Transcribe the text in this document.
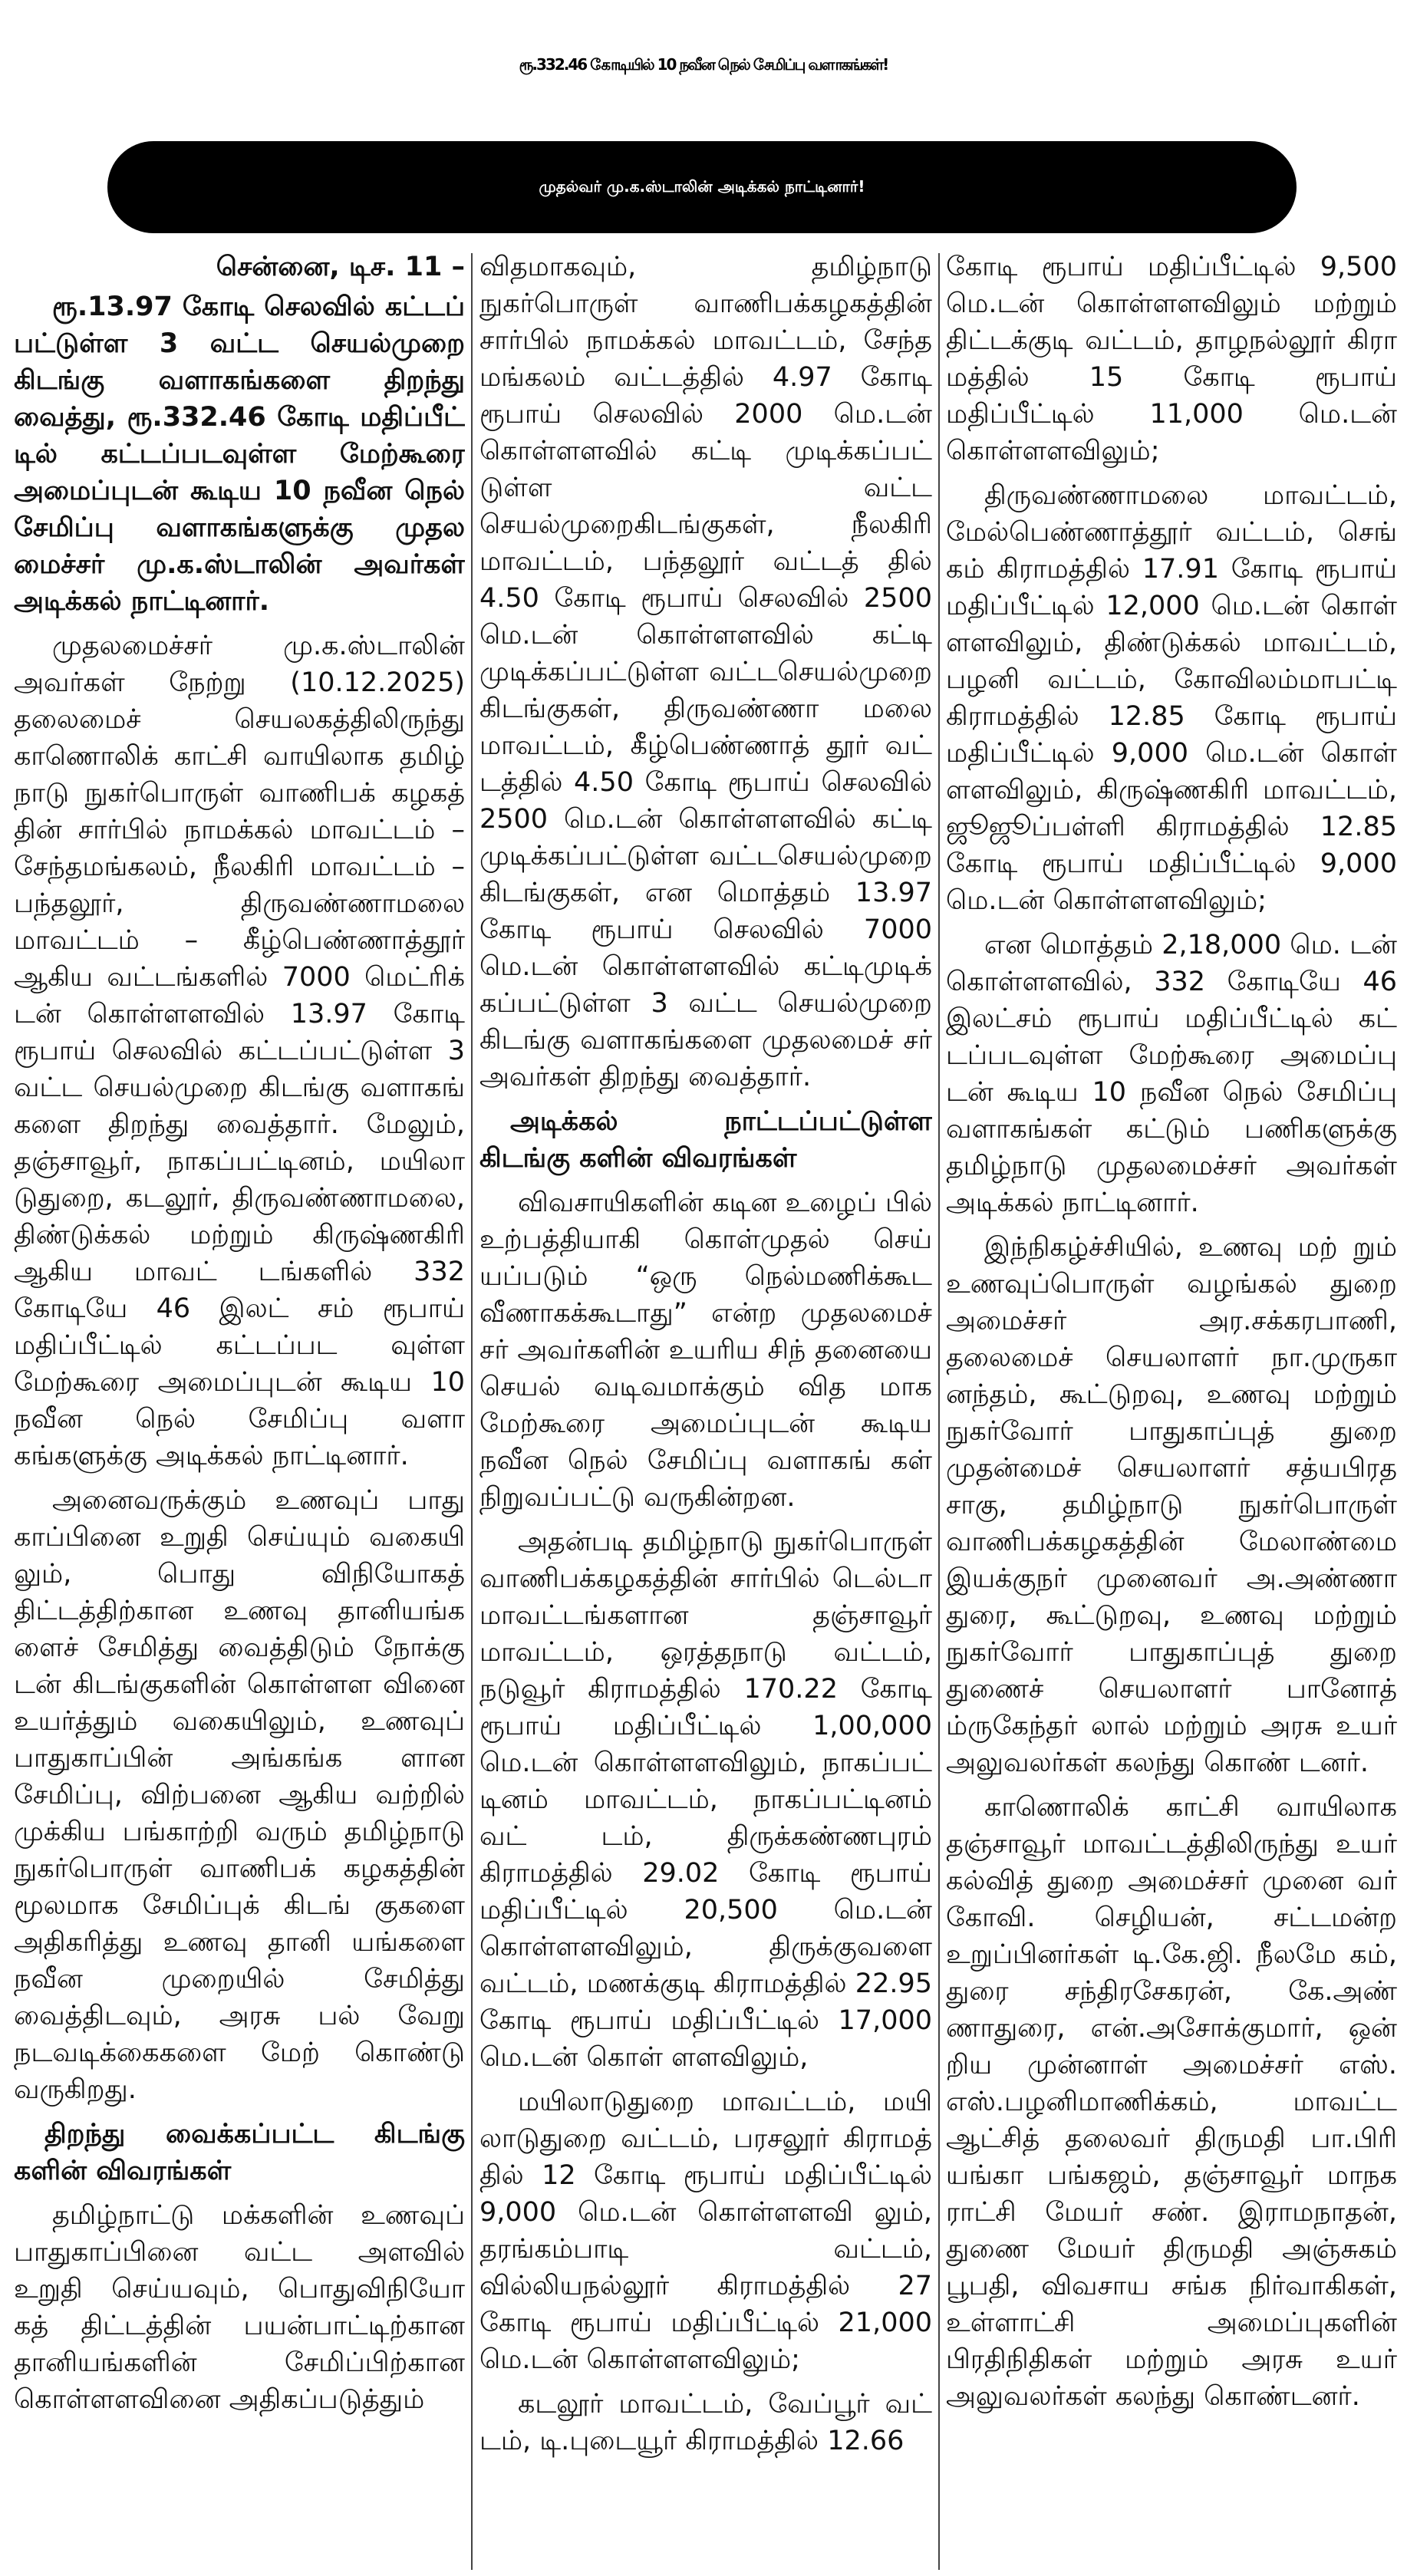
ரூ.332.46 கோடியில் 10 நவீன நெல் சேமிப்பு வளாகங்கள்!
முதல்வர் மு.க.ஸ்டாலின் அடிக்கல் நாட்டினார்!

சென்னை, டிச. 11 –

ரூ.13.97 கோடி செலவில் கட்டப் பட்டுள்ள 3 வட்ட செயல்முறை கிடங்கு வளாகங்களை திறந்து வைத்து, ரூ.332.46 கோடி மதிப்பீட் டில் கட்டப்படவுள்ள மேற்கூரை அமைப்புடன் கூடிய 10 நவீன நெல் சேமிப்பு வளாகங்களுக்கு முதல மைச்சர் மு.க.ஸ்டாலின் அவர்கள் அடிக்கல் நாட்டினார்.

முதலமைச்சர் மு.க.ஸ்டாலின் அவர்கள் நேற்று (10.12.2025) தலைமைச் செயலகத்திலிருந்து காணொலிக் காட்சி வாயிலாக தமிழ் நாடு நுகர்பொருள் வாணிபக் கழகத் தின் சார்பில் நாமக்கல் மாவட்டம் – சேந்தமங்கலம், நீலகிரி மாவட்டம் – பந்தலூர், திருவண்ணாமலை மாவட்டம் – கீழ்பெண்ணாத்தூர் ஆகிய வட்டங்களில் 7000 மெட்ரிக் டன் கொள்ளளவில் 13.97 கோடி ரூபாய் செலவில் கட்டப்பட்டுள்ள 3 வட்ட செயல்முறை கிடங்கு வளாகங் களை திறந்து வைத்தார். மேலும், தஞ்சாவூர், நாகப்பட்டினம், மயிலா டுதுறை, கடலூர், திருவண்ணாமலை, திண்டுக்கல் மற்றும் கிருஷ்ணகிரி ஆகிய மாவட் டங்களில் 332 கோடியே 46 இலட் சம் ரூபாய் மதிப்பீட்டில் கட்டப்பட வுள்ள மேற்கூரை அமைப்புடன் கூடிய 10 நவீன நெல் சேமிப்பு வளா கங்களுக்கு அடிக்கல் நாட்டினார்.

அனைவருக்கும் உணவுப் பாது காப்பினை உறுதி செய்யும் வகையி லும், பொது விநியோகத் திட்டத்திற்கான உணவு தானியங்க ளைச் சேமித்து வைத்திடும் நோக்கு டன் கிடங்குகளின் கொள்ளள வினை உயர்த்தும் வகையிலும், உணவுப் பாதுகாப்பின் அங்கங்க ளான சேமிப்பு, விற்பனை ஆகிய வற்றில் முக்கிய பங்காற்றி வரும் தமிழ்நாடு நுகர்பொருள் வாணிபக் கழகத்தின் மூலமாக சேமிப்புக் கிடங் குகளை அதிகரித்து உணவு தானி யங்களை நவீன முறையில் சேமித்து வைத்திடவும், அரசு பல் வேறு நடவடிக்கைகளை மேற் கொண்டு வருகிறது.

திறந்து வைக்கப்பட்ட கிடங்கு களின் விவரங்கள்

தமிழ்நாட்டு மக்களின் உணவுப் பாதுகாப்பினை வட்ட அளவில் உறுதி செய்யவும், பொதுவிநியோ கத் திட்டத்தின் பயன்பாட்டிற்கான தானியங்களின் சேமிப்பிற்கான கொள்ளளவினை அதிகப்படுத்தும்

விதமாகவும், தமிழ்நாடு நுகர்பொருள் வாணிபக்கழகத்தின் சார்பில் நாமக்கல் மாவட்டம், சேந்த மங்கலம் வட்டத்தில் 4.97 கோடி ரூபாய் செலவில் 2000 மெ.டன் கொள்ளளவில் கட்டி முடிக்கப்பட் டுள்ள வட்ட செயல்முறைகிடங்குகள், நீலகிரி மாவட்டம், பந்தலூர் வட்டத் தில் 4.50 கோடி ரூபாய் செலவில் 2500 மெ.டன் கொள்ளளவில் கட்டி முடிக்கப்பட்டுள்ள வட்டசெயல்முறை கிடங்குகள், திருவண்ணா மலை மாவட்டம், கீழ்பெண்ணாத் தூர் வட் டத்தில் 4.50 கோடி ரூபாய் செலவில் 2500 மெ.டன் கொள்ளளவில் கட்டி முடிக்கப்பட்டுள்ள வட்டசெயல்முறை கிடங்குகள், என மொத்தம் 13.97 கோடி ரூபாய் செலவில் 7000 மெ.டன் கொள்ளளவில் கட்டிமுடிக் கப்பட்டுள்ள 3 வட்ட செயல்முறை கிடங்கு வளாகங்களை முதலமைச் சர் அவர்கள் திறந்து வைத்தார்.

அடிக்கல் நாட்டப்பட்டுள்ள கிடங்கு களின் விவரங்கள்

விவசாயிகளின் கடின உழைப் பில் உற்பத்தியாகி கொள்முதல் செய் யப்படும் “ஒரு நெல்மணிக்கூட வீணாகக்கூடாது” என்ற முதலமைச் சர் அவர்களின் உயரிய சிந் தனையை செயல் வடிவமாக்கும் வித மாக மேற்கூரை அமைப்புடன் கூடிய நவீன நெல் சேமிப்பு வளாகங் கள் நிறுவப்பட்டு வருகின்றன.

அதன்படி தமிழ்நாடு நுகர்பொருள் வாணிபக்கழகத்தின் சார்பில் டெல்டா மாவட்டங்களான தஞ்சாவூர் மாவட்டம், ஒரத்தநாடு வட்டம், நடுவூர் கிராமத்தில் 170.22 கோடி ரூபாய் மதிப்பீட்டில் 1,00,000 மெ.டன் கொள்ளளவிலும், நாகப்பட் டினம் மாவட்டம், நாகப்பட்டினம் வட் டம், திருக்கண்ணபுரம் கிராமத்தில் 29.02 கோடி ரூபாய் மதிப்பீட்டில் 20,500 மெ.டன் கொள்ளளவிலும், திருக்குவளை வட்டம், மணக்குடி கிராமத்தில் 22.95 கோடி ரூபாய் மதிப்பீட்டில் 17,000 மெ.டன் கொள் ளளவிலும்,

மயிலாடுதுறை மாவட்டம், மயி லாடுதுறை வட்டம், பரசலூர் கிராமத் தில் 12 கோடி ரூபாய் மதிப்பீட்டில் 9,000 மெ.டன் கொள்ளளவி லும், தரங்கம்பாடி வட்டம், வில்லியநல்லூர் கிராமத்தில் 27 கோடி ரூபாய் மதிப்பீட்டில் 21,000 மெ.டன் கொள்ளளவிலும்;

கடலூர் மாவட்டம், வேப்பூர் வட் டம், டி.புடையூர் கிராமத்தில் 12.66

கோடி ரூபாய் மதிப்பீட்டில் 9,500 மெ.டன் கொள்ளளவிலும் மற்றும் திட்டக்குடி வட்டம், தாழநல்லூர் கிரா மத்தில் 15 கோடி ரூபாய் மதிப்பீட்டில் 11,000 மெ.டன் கொள்ளளவிலும்;

திருவண்ணாமலை மாவட்டம், மேல்பெண்ணாத்தூர் வட்டம், செங் கம் கிராமத்தில் 17.91 கோடி ரூபாய் மதிப்பீட்டில் 12,000 மெ.டன் கொள் ளளவிலும், திண்டுக்கல் மாவட்டம், பழனி வட்டம், கோவிலம்மாபட்டி கிராமத்தில் 12.85 கோடி ரூபாய் மதிப்பீட்டில் 9,000 மெ.டன் கொள் ளளவிலும், கிருஷ்ணகிரி மாவட்டம், ஜூஜூப்பள்ளி கிராமத்தில் 12.85 கோடி ரூபாய் மதிப்பீட்டில் 9,000 மெ.டன் கொள்ளளவிலும்;

என மொத்தம் 2,18,000 மெ. டன் கொள்ளளவில், 332 கோடியே 46 இலட்சம் ரூபாய் மதிப்பீட்டில் கட் டப்படவுள்ள மேற்கூரை அமைப்பு டன் கூடிய 10 நவீன நெல் சேமிப்பு வளாகங்கள் கட்டும் பணிகளுக்கு தமிழ்நாடு முதலமைச்சர் அவர்கள் அடிக்கல் நாட்டினார்.

இந்நிகழ்ச்சியில், உணவு மற் றும் உணவுப்பொருள் வழங்கல் துறை அமைச்சர் அர.சக்கரபாணி, தலைமைச் செயலாளர் நா.முருகா னந்தம், கூட்டுறவு, உணவு மற்றும் நுகர்வோர் பாதுகாப்புத் துறை முதன்மைச் செயலாளர் சத்யபிரத சாகு, தமிழ்நாடு நுகர்பொருள் வாணிபக்கழகத்தின் மேலாண்மை இயக்குநர் முனைவர் அ.அண்ணா துரை, கூட்டுறவு, உணவு மற்றும் நுகர்வோர் பாதுகாப்புத் துறை துணைச் செயலாளர் பானோத் ம்ருகேந்தர் லால் மற்றும் அரசு உயர் அலுவலர்கள் கலந்து கொண் டனர்.

காணொலிக் காட்சி வாயிலாக தஞ்சாவூர் மாவட்டத்திலிருந்து உயர் கல்வித் துறை அமைச்சர் முனை வர் கோவி. செழியன், சட்டமன்ற உறுப்பினர்கள் டி.கே.ஜி. நீலமே கம், துரை சந்திரசேகரன், கே.அண் ணாதுரை, என்.அசோக்குமார், ஒன் றிய முன்னாள் அமைச்சர் எஸ். எஸ்.பழனிமாணிக்கம், மாவட்ட ஆட்சித் தலைவர் திருமதி பா.பிரி யங்கா பங்கஜம், தஞ்சாவூர் மாநக ராட்சி மேயர் சண். இராமநாதன், துணை மேயர் திருமதி அஞ்சுகம் பூபதி, விவசாய சங்க நிர்வாகிகள், உள்ளாட்சி அமைப்புகளின் பிரதிநிதிகள் மற்றும் அரசு உயர் அலுவலர்கள் கலந்து கொண்டனர்.
